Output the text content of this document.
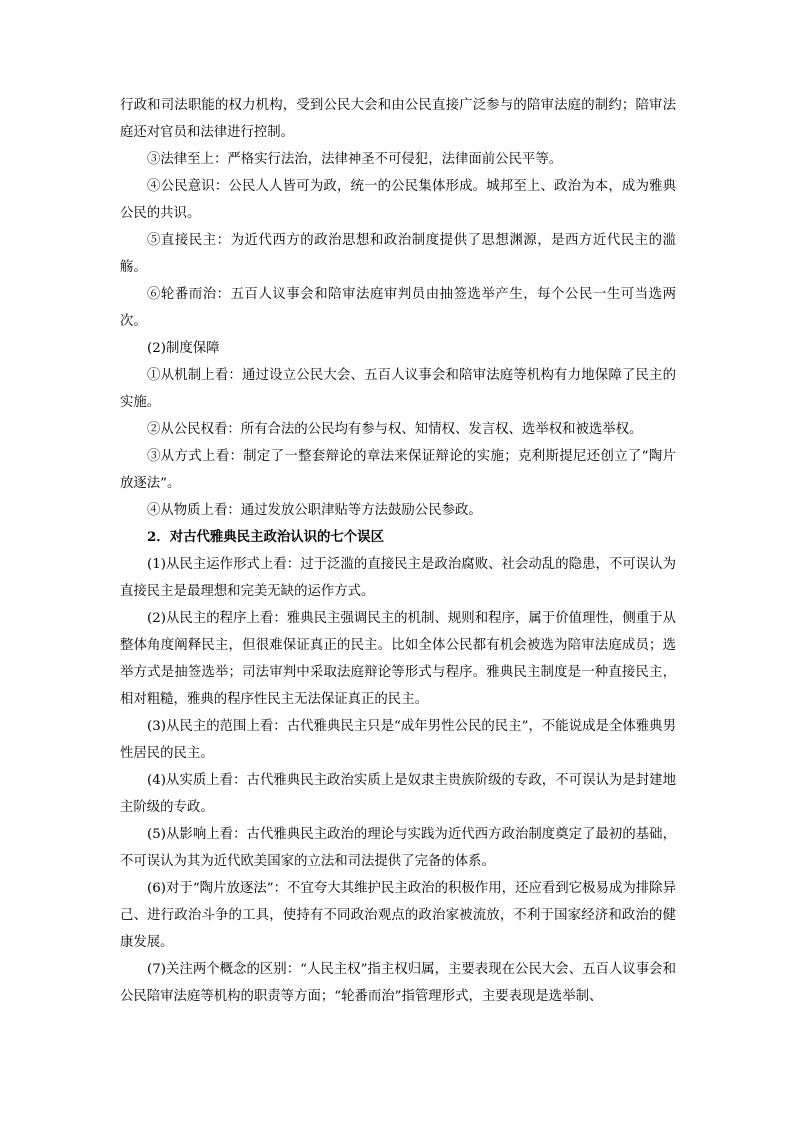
行政和司法职能的权力机构，受到公民大会和由公民直接广泛参与的陪审法庭的制约；陪审法庭还对官员和法律进行控制。

③法律至上：严格实行法治，法律神圣不可侵犯，法律面前公民平等。

④公民意识：公民人人皆可为政，统一的公民集体形成。城邦至上、政治为本，成为雅典公民的共识。

⑤直接民主：为近代西方的政治思想和政治制度提供了思想渊源，是西方近代民主的滥觞。

⑥轮番而治：五百人议事会和陪审法庭审判员由抽签选举产生，每个公民一生可当选两次。

(2)制度保障

①从机制上看：通过设立公民大会、五百人议事会和陪审法庭等机构有力地保障了民主的实施。

②从公民权看：所有合法的公民均有参与权、知情权、发言权、选举权和被选举权。

③从方式上看：制定了一整套辩论的章法来保证辩论的实施；克利斯提尼还创立了“陶片放逐法”。

④从物质上看：通过发放公职津贴等方法鼓励公民参政。

2．对古代雅典民主政治认识的七个误区

(1)从民主运作形式上看：过于泛滥的直接民主是政治腐败、社会动乱的隐患，不可误认为直接民主是最理想和完美无缺的运作方式。

(2)从民主的程序上看：雅典民主强调民主的机制、规则和程序，属于价值理性，侧重于从整体角度阐释民主，但很难保证真正的民主。比如全体公民都有机会被选为陪审法庭成员；选举方式是抽签选举；司法审判中采取法庭辩论等形式与程序。雅典民主制度是一种直接民主，相对粗糙，雅典的程序性民主无法保证真正的民主。

(3)从民主的范围上看：古代雅典民主只是“成年男性公民的民主”，不能说成是全体雅典男性居民的民主。

(4)从实质上看：古代雅典民主政治实质上是奴隶主贵族阶级的专政，不可误认为是封建地主阶级的专政。

(5)从影响上看：古代雅典民主政治的理论与实践为近代西方政治制度奠定了最初的基础，不可误认为其为近代欧美国家的立法和司法提供了完备的体系。

(6)对于“陶片放逐法”：不宜夸大其维护民主政治的积极作用，还应看到它极易成为排除异己、进行政治斗争的工具，使持有不同政治观点的政治家被流放，不利于国家经济和政治的健康发展。

(7)关注两个概念的区别：“人民主权”指主权归属，主要表现在公民大会、五百人议事会和公民陪审法庭等机构的职责等方面；“轮番而治”指管理形式，主要表现是选举制、
